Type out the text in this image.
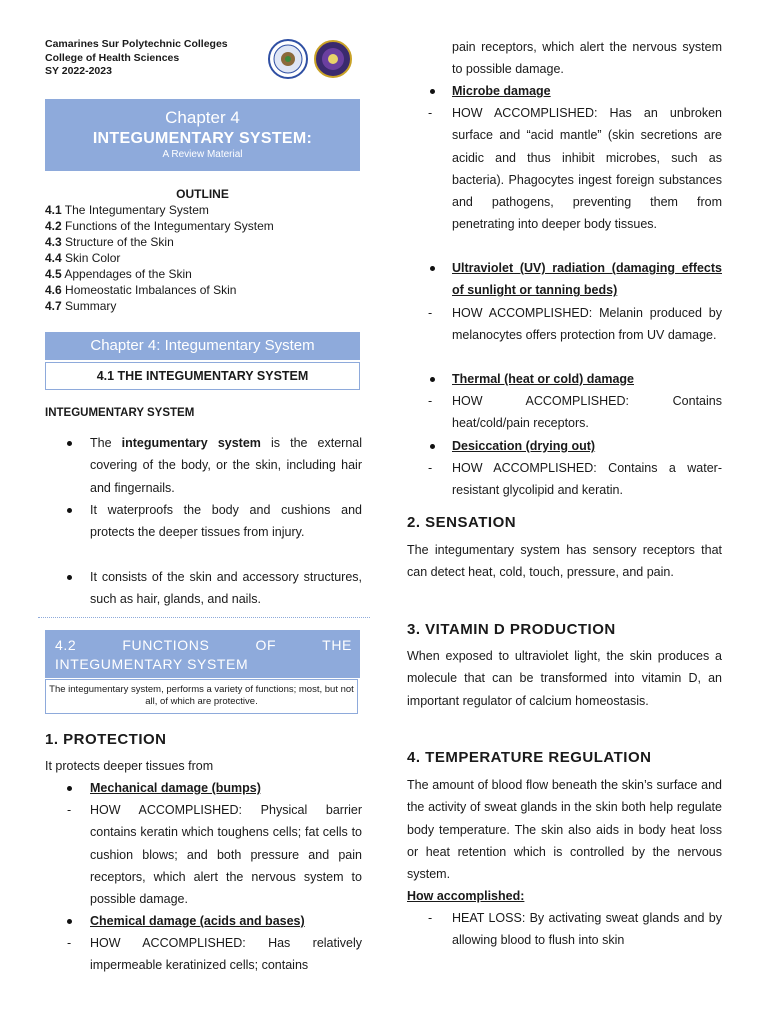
Camarines Sur Polytechnic Colleges
College of Health Sciences
SY 2022-2023
Chapter 4
INTEGUMENTARY SYSTEM:
A Review Material
OUTLINE
4.1 The Integumentary System
4.2 Functions of the Integumentary System
4.3 Structure of the Skin
4.4 Skin Color
4.5 Appendages of the Skin
4.6 Homeostatic Imbalances of Skin
4.7 Summary
Chapter 4: Integumentary System
4.1 THE INTEGUMENTARY SYSTEM
INTEGUMENTARY SYSTEM
The integumentary system is the external covering of the body, or the skin, including hair and fingernails.
It waterproofs the body and cushions and protects the deeper tissues from injury.
It consists of the skin and accessory structures, such as hair, glands, and nails.
4.2	FUNCTIONS	OF	THE
INTEGUMENTARY SYSTEM
The integumentary system, performs a variety of functions; most, but not all, of which are protective.
1. PROTECTION
It protects deeper tissues from
Mechanical damage (bumps)
- HOW ACCOMPLISHED: Physical barrier contains keratin which toughens cells; fat cells to cushion blows; and both pressure and pain receptors, which alert the nervous system to possible damage.
Chemical damage (acids and bases)
- HOW ACCOMPLISHED: Has relatively impermeable keratinized cells; contains
pain receptors, which alert the nervous system to possible damage.
Microbe damage
- HOW ACCOMPLISHED: Has an unbroken surface and “acid mantle” (skin secretions are acidic and thus inhibit microbes, such as bacteria). Phagocytes ingest foreign substances and pathogens, preventing them from penetrating into deeper body tissues.
Ultraviolet (UV) radiation (damaging effects of sunlight or tanning beds)
- HOW ACCOMPLISHED: Melanin produced by melanocytes offers protection from UV damage.
Thermal (heat or cold) damage
- HOW ACCOMPLISHED: Contains heat/cold/pain receptors.
Desiccation (drying out)
- HOW ACCOMPLISHED: Contains a water-resistant glycolipid and keratin.
2. SENSATION
The integumentary system has sensory receptors that can detect heat, cold, touch, pressure, and pain.
3. VITAMIN D PRODUCTION
When exposed to ultraviolet light, the skin produces a molecule that can be transformed into vitamin D, an important regulator of calcium homeostasis.
4. TEMPERATURE REGULATION
The amount of blood flow beneath the skin’s surface and the activity of sweat glands in the skin both help regulate body temperature. The skin also aids in body heat loss or heat retention which is controlled by the nervous system.
How accomplished:
- HEAT LOSS: By activating sweat glands and by allowing blood to flush into skin
